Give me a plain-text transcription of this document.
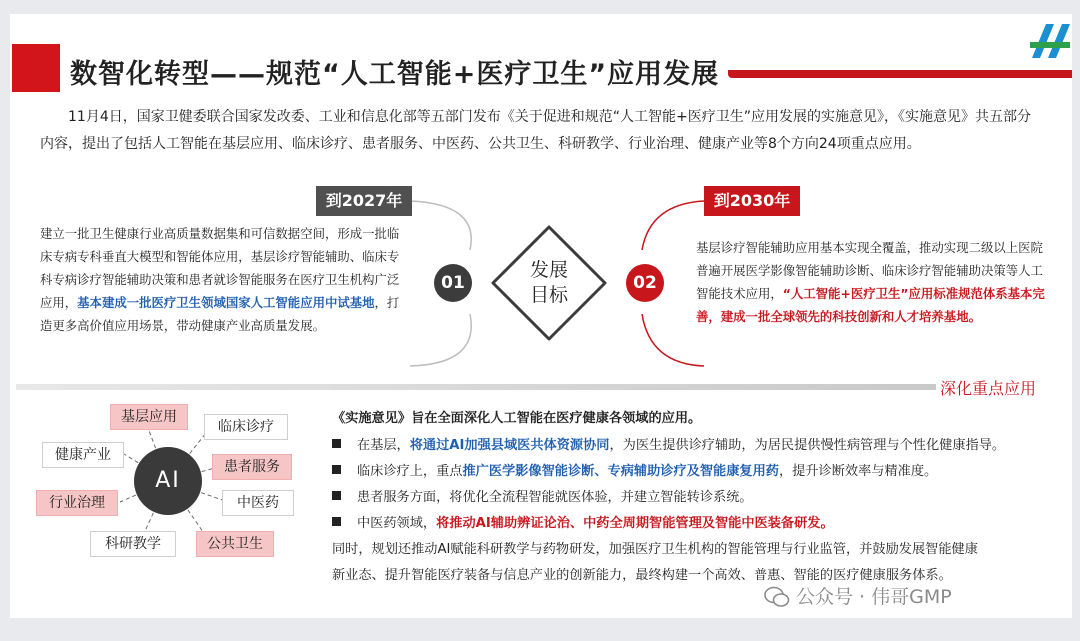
数智化转型——规范“人工智能+医疗卫生”应用发展
11月4日，国家卫健委联合国家发改委、工业和信息化部等五部门发布《关于促进和规范“人工智能+医疗卫生”应用发展的实施意见》，《实施意见》共五部分内容，提出了包括人工智能在基层应用、临床诊疗、患者服务、中医药、公共卫生、科研教学、行业治理、健康产业等8个方向24项重点应用。
到2027年	到2030年
建立一批卫生健康行业高质量数据集和可信数据空间，形成一批临床专病专科垂直大模型和智能体应用，基层诊疗智能辅助、临床专科专病诊疗智能辅助决策和患者就诊智能服务在医疗卫生机构广泛应用，基本建成一批医疗卫生领域国家人工智能应用中试基地，打造更多高价值应用场景，带动健康产业高质量发展。
基层诊疗智能辅助应用基本实现全覆盖，推动实现二级以上医院普遍开展医学影像智能辅助诊断、临床诊疗智能辅助决策等人工智能技术应用，“人工智能+医疗卫生”应用标准规范体系基本完善，建成一批全球领先的科技创新和人才培养基地。
01	02
发展
目标
深化重点应用
AI
基层应用
临床诊疗
患者服务
中医药
公共卫生
科研教学
行业治理
健康产业
《实施意见》旨在全面深化人工智能在医疗健康各领域的应用。
在基层，将通过AI加强县域医共体资源协同，为医生提供诊疗辅助，为居民提供慢性病管理与个性化健康指导。
临床诊疗上，重点推广医学影像智能诊断、专病辅助诊疗及智能康复用药，提升诊断效率与精准度。
患者服务方面，将优化全流程智能就医体验，并建立智能转诊系统。
中医药领域，将推动AI辅助辨证论治、中药全周期智能管理及智能中医装备研发。
同时，规划还推动AI赋能科研教学与药物研发，加强医疗卫生机构的智能管理与行业监管，并鼓励发展智能健康
新业态、提升智能医疗装备与信息产业的创新能力，最终构建一个高效、普惠、智能的医疗健康服务体系。
公众号 · 伟哥GMP
